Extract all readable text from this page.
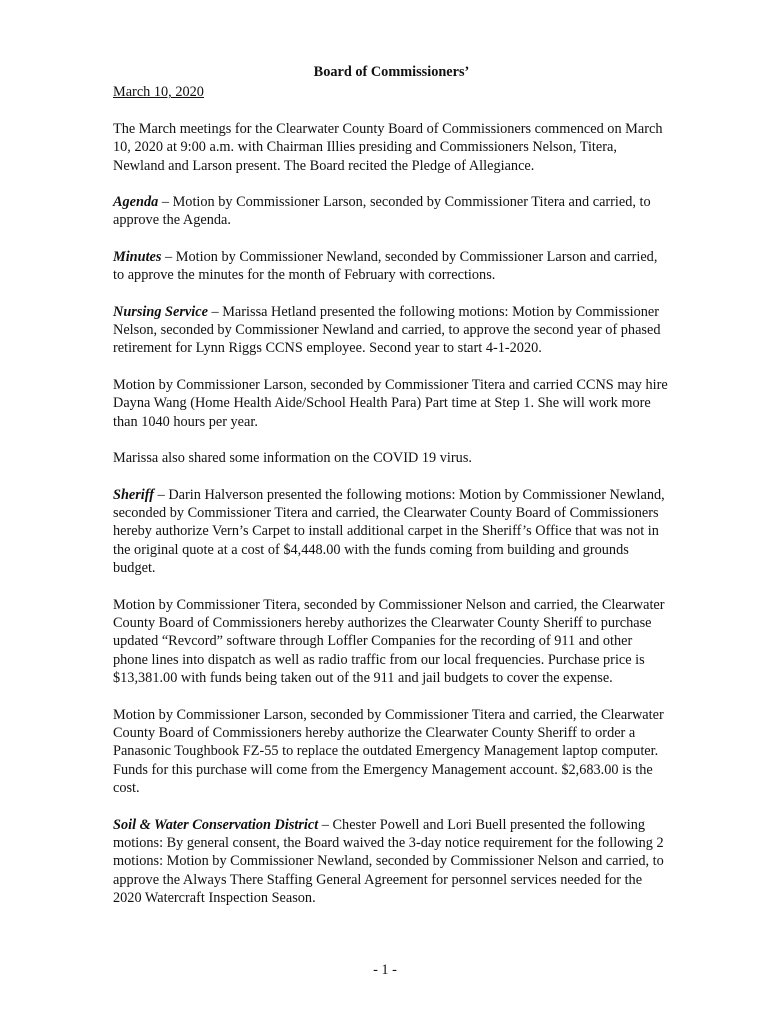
Board of Commissioners’

March 10, 2020

The March meetings for the Clearwater County Board of Commissioners commenced on March 10, 2020 at 9:00 a.m. with Chairman Illies presiding and Commissioners Nelson, Titera, Newland and Larson present. The Board recited the Pledge of Allegiance.

Agenda – Motion by Commissioner Larson, seconded by Commissioner Titera and carried, to approve the Agenda.

Minutes – Motion by Commissioner Newland, seconded by Commissioner Larson and carried, to approve the minutes for the month of February with corrections.

Nursing Service – Marissa Hetland presented the following motions: Motion by Commissioner Nelson, seconded by Commissioner Newland and carried, to approve the second year of phased retirement for Lynn Riggs CCNS employee. Second year to start 4-1-2020.

Motion by Commissioner Larson, seconded by Commissioner Titera and carried CCNS may hire Dayna Wang (Home Health Aide/School Health Para) Part time at Step 1. She will work more than 1040 hours per year.

Marissa also shared some information on the COVID 19 virus.

Sheriff – Darin Halverson presented the following motions: Motion by Commissioner Newland, seconded by Commissioner Titera and carried, the Clearwater County Board of Commissioners hereby authorize Vern’s Carpet to install additional carpet in the Sheriff’s Office that was not in the original quote at a cost of $4,448.00 with the funds coming from building and grounds budget.

Motion by Commissioner Titera, seconded by Commissioner Nelson and carried, the Clearwater County Board of Commissioners hereby authorizes the Clearwater County Sheriff to purchase updated “Revcord” software through Loffler Companies for the recording of 911 and other phone lines into dispatch as well as radio traffic from our local frequencies. Purchase price is $13,381.00 with funds being taken out of the 911 and jail budgets to cover the expense.

Motion by Commissioner Larson, seconded by Commissioner Titera and carried, the Clearwater County Board of Commissioners hereby authorize the Clearwater County Sheriff to order a Panasonic Toughbook FZ-55 to replace the outdated Emergency Management laptop computer. Funds for this purchase will come from the Emergency Management account. $2,683.00 is the cost.

Soil & Water Conservation District – Chester Powell and Lori Buell presented the following motions: By general consent, the Board waived the 3-day notice requirement for the following 2 motions: Motion by Commissioner Newland, seconded by Commissioner Nelson and carried, to approve the Always There Staffing General Agreement for personnel services needed for the 2020 Watercraft Inspection Season.

- 1 -
